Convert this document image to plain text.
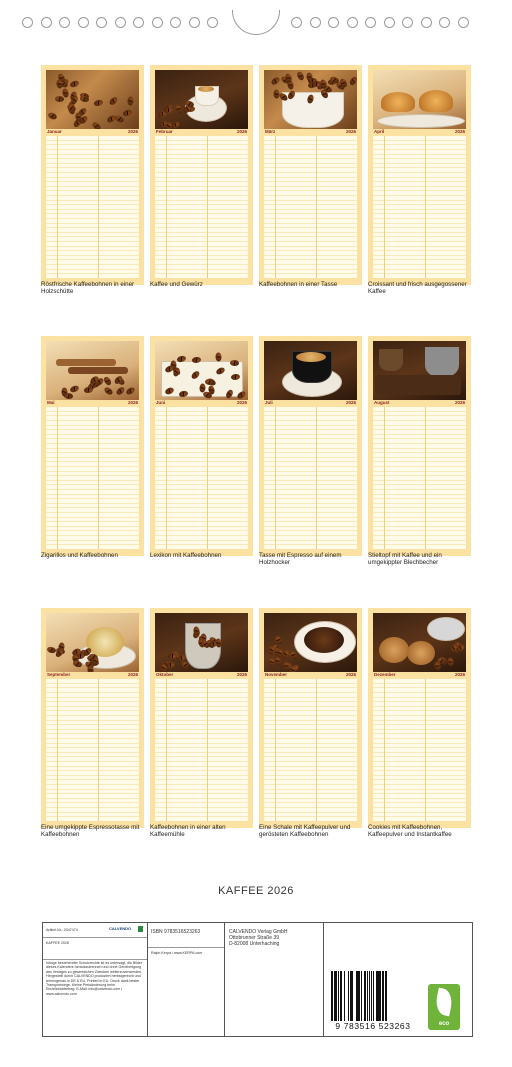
Januar	2026
Röstfrische Kaffeebohnen in einer Holzschütte
Februar	2026
Kaffee und Gewürz
März	2026
Kaffeebohnen in einer Tasse
April	2026
Croissant und frisch ausgegossener Kaffee
Mai	2026
Zigarillos und Kaffeebohnen
Juni	2026
Lexikon mit Kaffeebohnen
Juli	2026
Tasse mit Espresso auf einem Holzhocker
August	2026
Stieltopf mit Kaffee und ein umgekippter Blechbecher
September	2026
Eine umgekippte Espressotasse mit Kaffeebohnen
Oktober	2026
Kaffeebohnen in einer alten Kaffeemühle
November	2026
Eine Schale mit Kaffeepulver und gerösteten Kaffeebohnen
Dezember	2026
Cookies mit Kaffeebohnen, Kaffeepulver und Instantkaffee
KAFFEE 2026
Artikel-Nr.: 2047474	CALVENDO
KAFFEE 2026
Infolge bestehender Schutzrechte ist es untersagt, die Bilder dieses Kalenders herauszutrennen und ohne Genehmigung des Verlages zu gewerblichen Zwecken weiterzuverwenden. Hergestellt durch CALVENDO produziert herbstgerecht und termingenau in DE & EU. Printed in EU. Druck dank bester Transportwege. Kleine Preisänderung beim Einzelstückbetrag. E-Mail: info@calvendo.com | www.calvendo.com
ISBN 9783516523263
Ralph Kerpa / www.KERPA.com
CALVENDO Verlag GmbH
Ottobrunner Straße 39
D-82008 Unterhaching
9 783516 523263	eco
